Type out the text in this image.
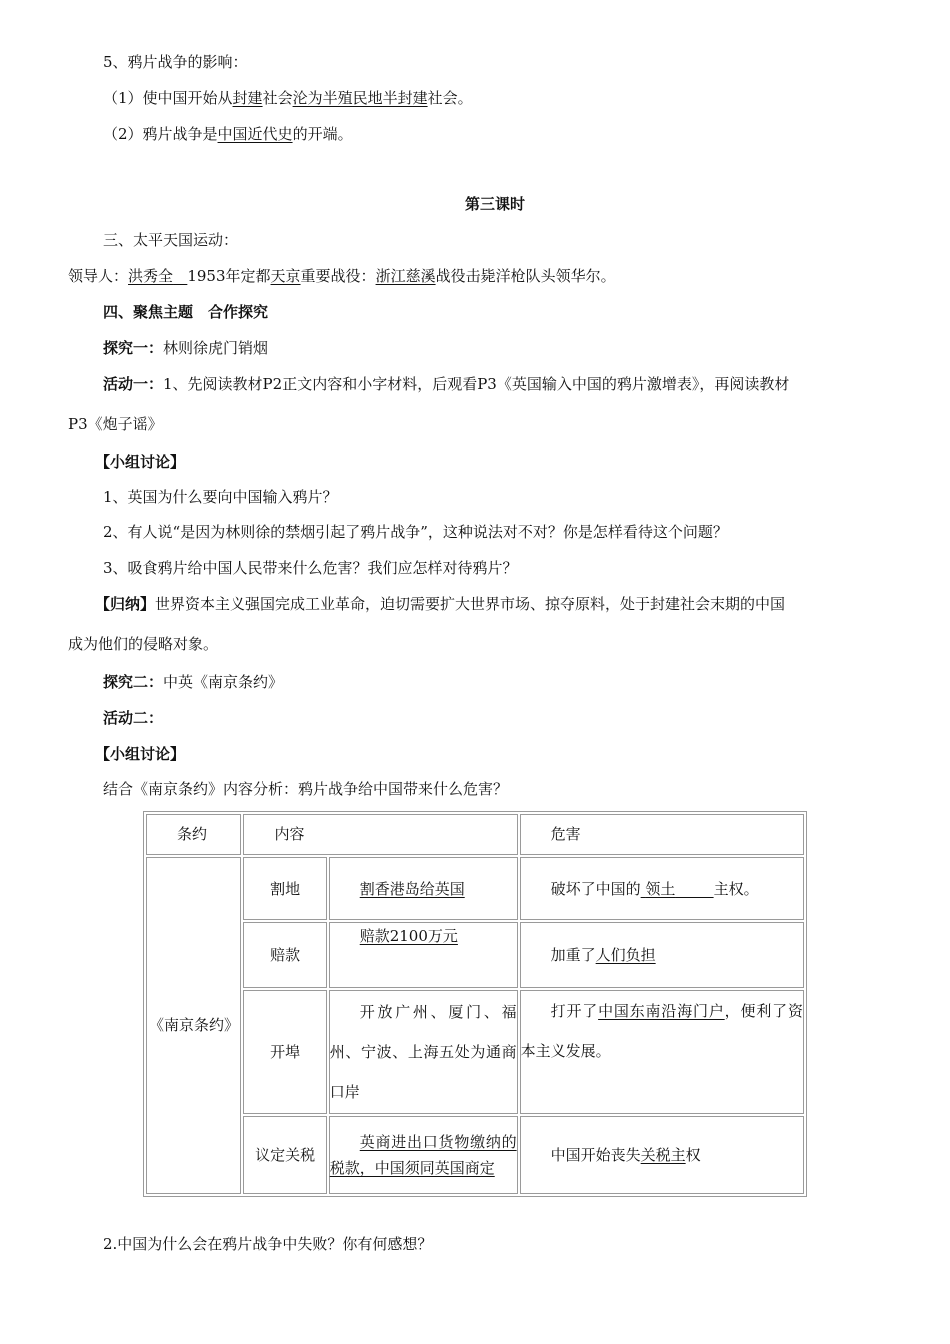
5、鸦片战争的影响：
（1）使中国开始从封建社会沦为半殖民地半封建社会。
（2）鸦片战争是中国近代史的开端。
第三课时
三、太平天国运动：
领导人：洪秀全 1953年定都天京重要战役：浙江慈溪战役击毙洋枪队头领华尔。
四、聚焦主题　合作探究
探究一：林则徐虎门销烟
活动一：1、先阅读教材P2正文内容和小字材料，后观看P3《英国输入中国的鸦片激增表》，再阅读教材
P3《炮子谣》
【小组讨论】
1、英国为什么要向中国输入鸦片？
2、有人说“是因为林则徐的禁烟引起了鸦片战争”，这种说法对不对？你是怎样看待这个问题？
3、吸食鸦片给中国人民带来什么危害？我们应怎样对待鸦片？
【归纳】世界资本主义强国完成工业革命，迫切需要扩大世界市场、掠夺原料，处于封建社会末期的中国
成为他们的侵略对象。
探究二：中英《南京条约》
活动二：
【小组讨论】
结合《南京条约》内容分析：鸦片战争给中国带来什么危害？
条约	内容		危害
《南京条约》	割地	割香港岛给英国	破坏了中国的 领土 主权。
	赔款	赔款2100万元	加重了人们负担
	开埠	开放广州、厦门、福州、宁波、上海五处为通商口岸	打开了中国东南沿海门户，便利了资本主义发展。
	议定关税	英商进出口货物缴纳的税款，中国须同英国商定	中国开始丧失关税主权
2.中国为什么会在鸦片战争中失败？你有何感想？
